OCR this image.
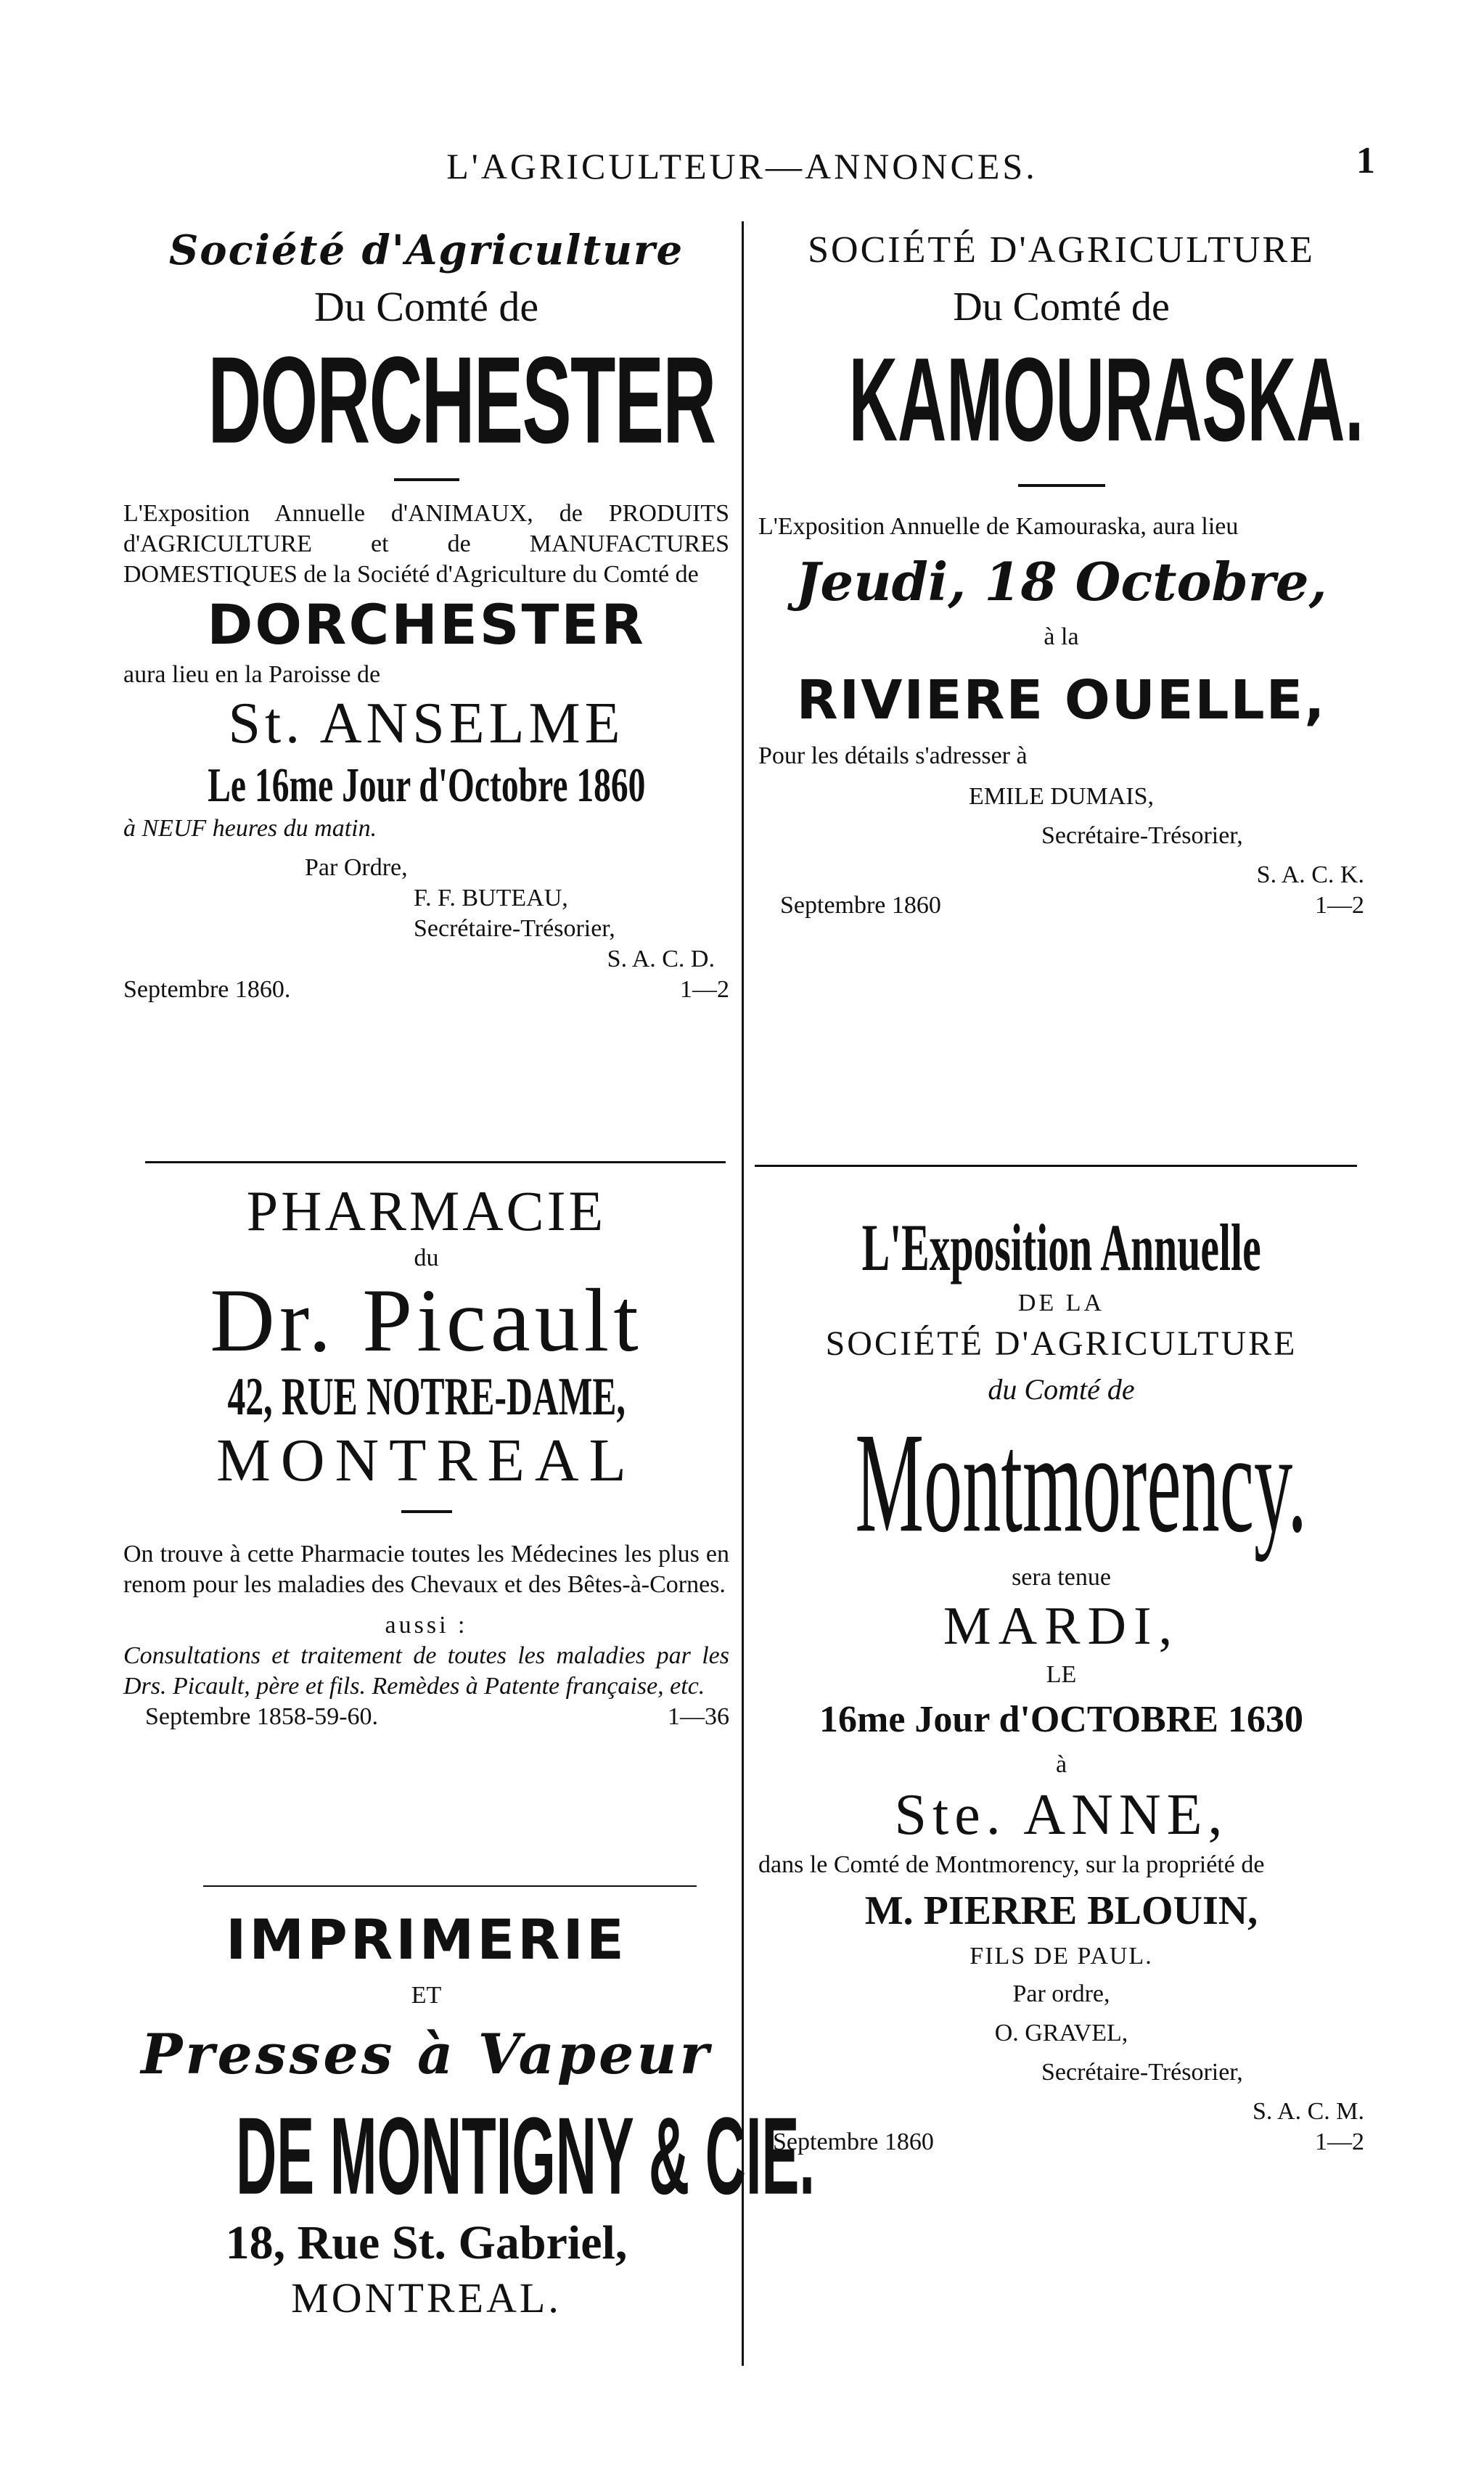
L'AGRICULTEUR—ANNONCES.	1
Société d'Agriculture
Du Comté de
DORCHESTER
L'Exposition Annuelle d'ANIMAUX, de PRODUITS d'AGRICULTURE et de MANUFACTURES DOMESTIQUES de la Société d'Agriculture du Comté de
DORCHESTER
aura lieu en la Paroisse de
St. ANSELME
Le 16me Jour d'Octobre 1860
à NEUF heures du matin.
Par Ordre,
F. F. BUTEAU,
Secrétaire-Trésorier,
S. A. C. D.
Septembre 1860.	1—2
SOCIÉTÉ D'AGRICULTURE
Du Comté de
KAMOURASKA.
L'Exposition Annuelle de Kamouraska, aura lieu
Jeudi, 18 Octobre,
à la
RIVIERE OUELLE,
Pour les détails s'adresser à
EMILE DUMAIS,
Secrétaire-Trésorier,
S. A. C. K.
Septembre 1860	1—2
PHARMACIE
du
Dr. Picault
42, RUE NOTRE-DAME,
MONTREAL
On trouve à cette Pharmacie toutes les Médecines les plus en renom pour les maladies des Chevaux et des Bêtes-à-Cornes.
aussi :
Consultations et traitement de toutes les maladies par les Drs. Picault, père et fils. Remèdes à Patente française, etc.
Septembre 1858-59-60.	1—36
IMPRIMERIE
ET
Presses à Vapeur
DE MONTIGNY & CIE.
18, Rue St. Gabriel,
MONTREAL.
L'Exposition Annuelle
DE LA
SOCIÉTÉ D'AGRICULTURE
du Comté de
Montmorency.
sera tenue
MARDI,
LE
16me Jour d'OCTOBRE 1630
à
Ste. ANNE,
dans le Comté de Montmorency, sur la propriété de
M. PIERRE BLOUIN,
FILS DE PAUL.
Par ordre,
O. GRAVEL,
Secrétaire-Trésorier,
S. A. C. M.
Septembre 1860	1—2
